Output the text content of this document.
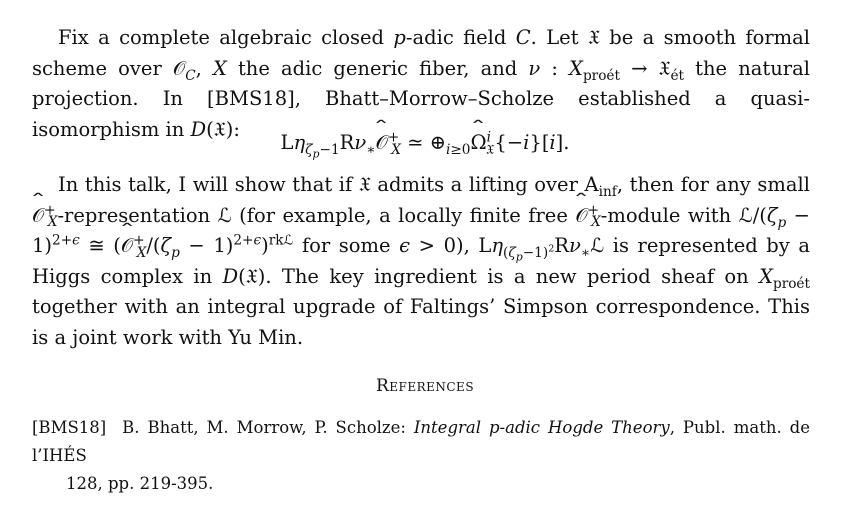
Fix a complete algebraic closed p-adic field C. Let 𝔛 be a smooth formal scheme over 𝒪$_C$, X the adic generic fiber, and ν : $X_{proét}$ → 𝔛$_{ét}$ the natural projection. In [BMS18], Bhatt–Morrow–Scholze established a quasi-isomorphism in D(𝔛):

$L\eta_{\zeta_p-1}R\nu_∗ˆ$ 𝒪+$_X$ ≃ $\oplus_{i\ge 0}ˆ$ $\Omega^i_𝔛\{-i\}[i]$.

In this talk, I will show that if 𝔛 admits a lifting over $A_{inf}$, then for any small ˆ 𝒪+$_X$-representation ℒ (for example, a locally finite free ˆ 𝒪+$_X$-module with $ℒ/(\zeta_p - 1)^{2+\epsilon}$ ≅ (ˆ $𝒪^+_X/(\zeta_p - 1)^{2+\epsilon})^{rkℒ}$ for some ϵ > 0), $L\eta_{(\zeta_p-1)^2}R\nu_∗ℒ$ is represented by a Higgs complex in D(𝔛). The key ingredient is a new period sheaf on $X_{proét}$ together with an integral upgrade of Faltings’ Simpson correspondence. This is a joint work with Yu Min.

References
[BMS18] B. Bhatt, M. Morrow, P. Scholze: Integral p-adic Hogde Theory, Publ. math. de l’IHÉS
128, pp. 219-395.
